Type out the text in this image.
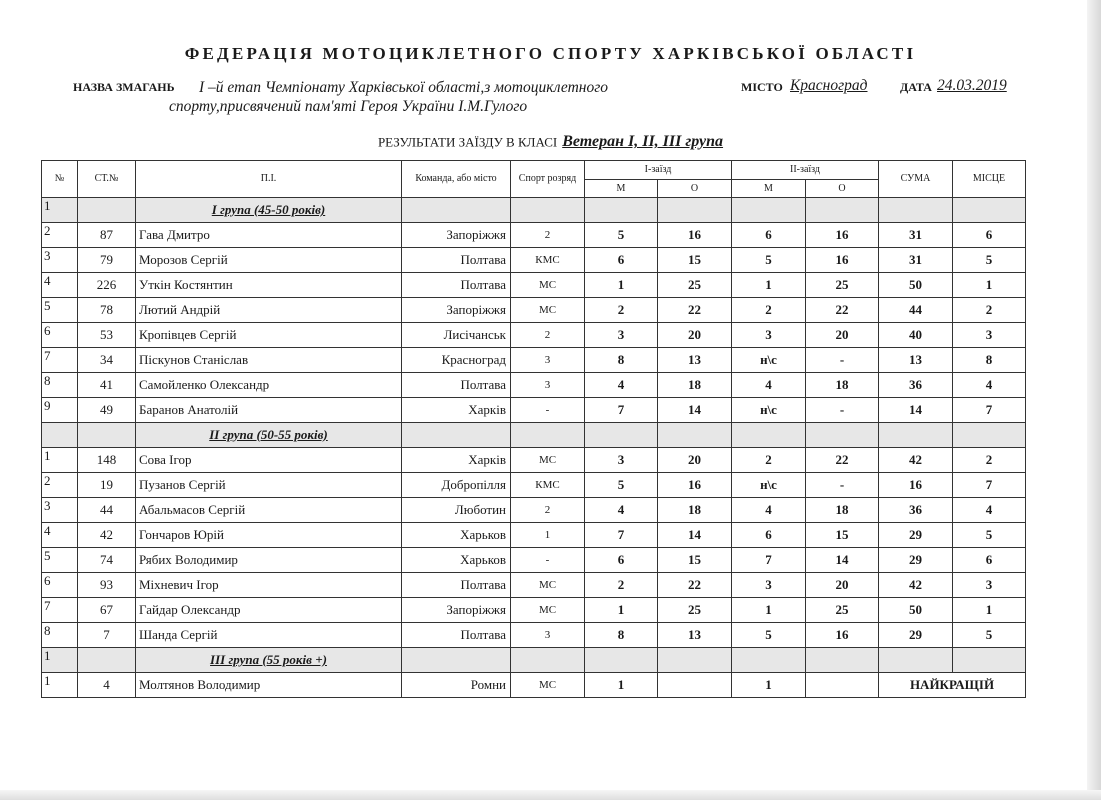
ФЕДЕРАЦІЯ МОТОЦИКЛЕТНОГО СПОРТУ ХАРКІВСЬКОЇ ОБЛАСТІ
НАЗВА ЗМАГАНЬ І –й етап Чемпіонату Харківської області,з мотоциклетного
спорту,присвячений пам'яті Героя України І.М.Гулого
МІСТО Красноград	ДАТА 24.03.2019
РЕЗУЛЬТАТИ ЗАЇЗДУ В КЛАСІ Ветеран І, ІІ, ІІІ група
№	СТ.№	П.І.	Команда, або місто	Спорт розряд	І-заїзд		ІІ-заїзд		СУМА	МІСЦЕ
					М	О	М	О		
1		І група (45-50 років)								
2	87	Гава Дмитро	Запоріжжя	2	5	16	6	16	31	6
3	79	Морозов Сергій	Полтава	КМС	6	15	5	16	31	5
4	226	Уткін Костянтин	Полтава	МС	1	25	1	25	50	1
5	78	Лютий Андрій	Запоріжжя	МС	2	22	2	22	44	2
6	53	Кропівцев Сергій	Лисічанськ	2	3	20	3	20	40	3
7	34	Піскунов Станіслав	Красноград	3	8	13	н\с	-	13	8
8	41	Самойленко Олександр	Полтава	3	4	18	4	18	36	4
9	49	Баранов Анатолій	Харків	-	7	14	н\с	-	14	7
		ІІ група (50-55 років)								
1	148	Сова Ігор	Харків	МС	3	20	2	22	42	2
2	19	Пузанов Сергій	Добропілля	КМС	5	16	н\с	-	16	7
3	44	Абальмасов Сергій	Люботин	2	4	18	4	18	36	4
4	42	Гончаров Юрій	Харьков	1	7	14	6	15	29	5
5	74	Рябих Володимир	Харьков	-	6	15	7	14	29	6
6	93	Міхневич Ігор	Полтава	МС	2	22	3	20	42	3
7	67	Гайдар Олександр	Запоріжжя	МС	1	25	1	25	50	1
8	7	Шанда Сергій	Полтава	3	8	13	5	16	29	5
1		ІІІ група (55 років +)								
1	4	Молтянов Володимир	Ромни	МС	1		1		НАЙКРАЩІЙ	
